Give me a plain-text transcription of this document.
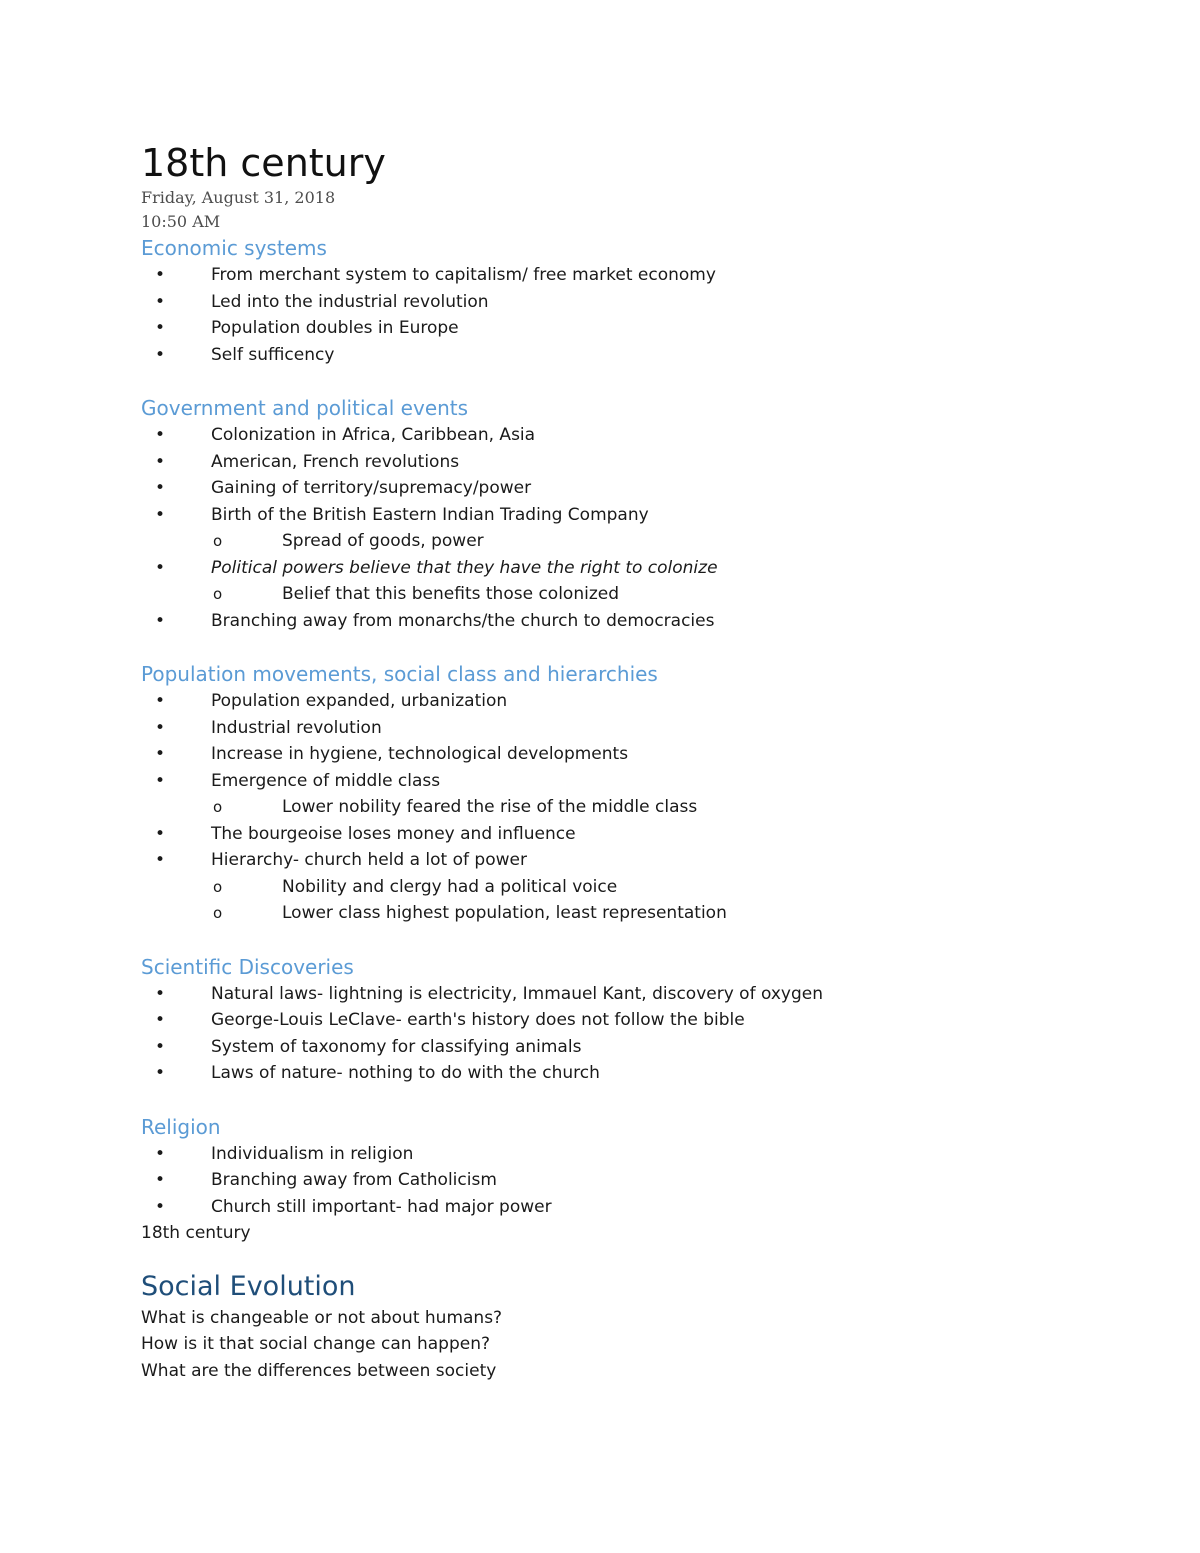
18th century
Friday, August 31, 2018
10:50 AM
Economic systems
•	From merchant system to capitalism/ free market economy
•	Led into the industrial revolution
•	Population doubles in Europe
•	Self sufficency
Government and political events
•	Colonization in Africa, Caribbean, Asia
•	American, French revolutions
•	Gaining of territory/supremacy/power
•	Birth of the British Eastern Indian Trading Company
o	Spread of goods, power
•	Political powers believe that they have the right to colonize
o	Belief that this benefits those colonized
•	Branching away from monarchs/the church to democracies
Population movements, social class and hierarchies
•	Population expanded, urbanization
•	Industrial revolution
•	Increase in hygiene, technological developments
•	Emergence of middle class
o	Lower nobility feared the rise of the middle class
•	The bourgeoise loses money and influence
•	Hierarchy- church held a lot of power
o	Nobility and clergy had a political voice
o	Lower class highest population, least representation
Scientific Discoveries
•	Natural laws- lightning is electricity, Immauel Kant, discovery of oxygen
•	George-Louis LeClave- earth's history does not follow the bible
•	System of taxonomy for classifying animals
•	Laws of nature- nothing to do with the church
Religion
•	Individualism in religion
•	Branching away from Catholicism
•	Church still important- had major power
18th century
Social Evolution
What is changeable or not about humans?
How is it that social change can happen?
What are the differences between society
